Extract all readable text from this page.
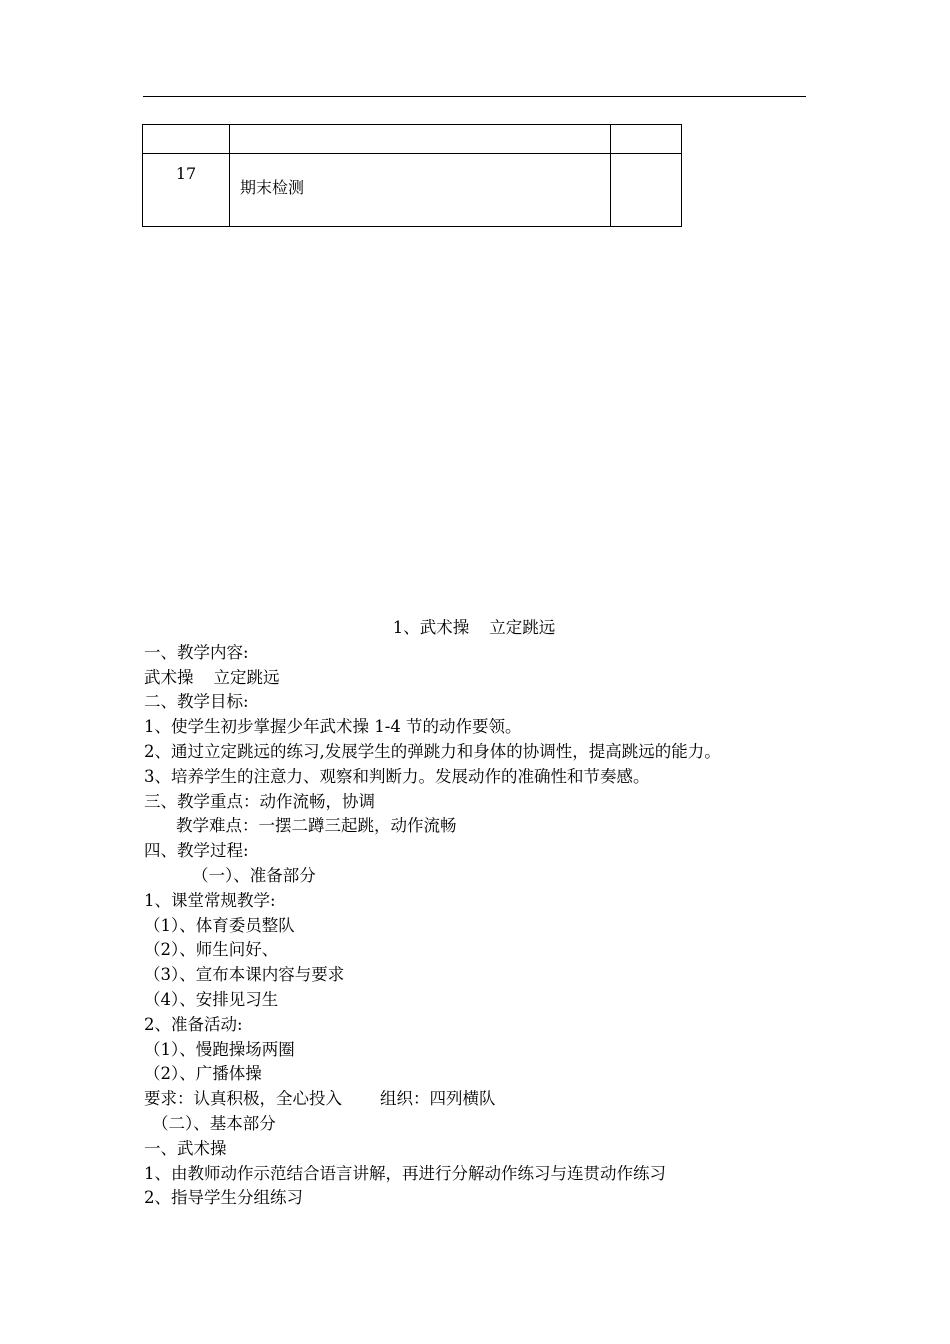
17	期末检测	
1、武术操 立定跳远
一、教学内容:
武术操 立定跳远
二、教学目标:
1、使学生初步掌握少年武术操 1-4 节的动作要领。
2、通过立定跳远的练习,发展学生的弹跳力和身体的协调性，提高跳远的能力。
3、培养学生的注意力、观察和判断力。发展动作的准确性和节奏感。
三、教学重点：动作流畅，协调
教学难点：一摆二蹲三起跳，动作流畅
四、教学过程:
（一）、准备部分
1、课堂常规教学:
（1）、体育委员整队
（2）、师生问好、
（3）、宣布本课内容与要求
（4）、安排见习生
2、准备活动:
（1）、慢跑操场两圈
（2）、广播体操
要求：认真积极，全心投入 组织：四列横队
（二）、基本部分
一、武术操
1、由教师动作示范结合语言讲解，再进行分解动作练习与连贯动作练习
2、指导学生分组练习
